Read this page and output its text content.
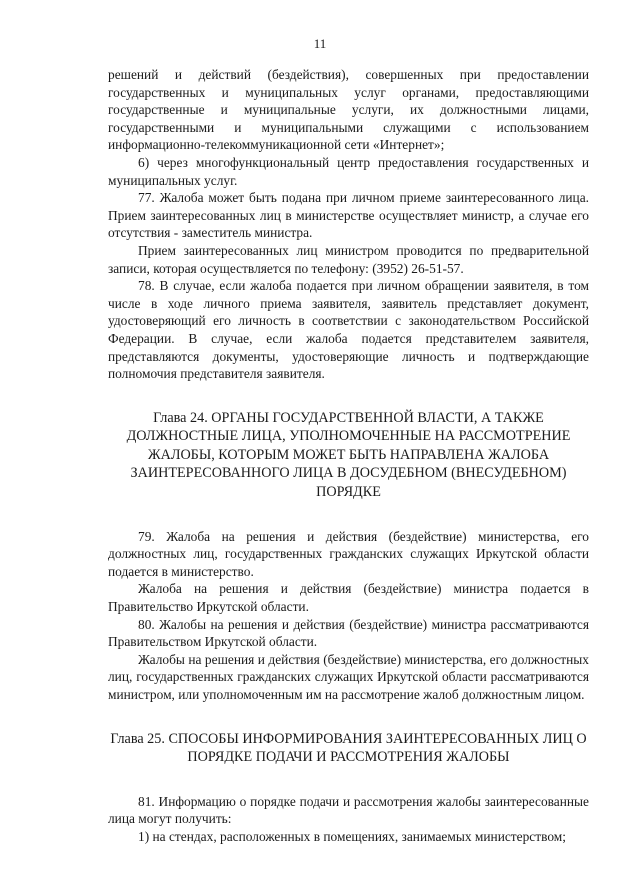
11

решений и действий (бездействия), совершенных при предоставлении государственных и муниципальных услуг органами, предоставляющими государственные и муниципальные услуги, их должностными лицами, государственными и муниципальными служащими с использованием информационно-телекоммуникационной сети «Интернет»;

6) через многофункциональный центр предоставления государственных и муниципальных услуг.

77. Жалоба может быть подана при личном приеме заинтересованного лица. Прием заинтересованных лиц в министерстве осуществляет министр, а случае его отсутствия - заместитель министра.

Прием заинтересованных лиц министром проводится по предварительной записи, которая осуществляется по телефону: (3952) 26-51-57.

78. В случае, если жалоба подается при личном обращении заявителя, в том числе в ходе личного приема заявителя, заявитель представляет документ, удостоверяющий его личность в соответствии с законодательством Российской Федерации. В случае, если жалоба подается представителем заявителя, представляются документы, удостоверяющие личность и подтверждающие полномочия представителя заявителя.

Глава 24. ОРГАНЫ ГОСУДАРСТВЕННОЙ ВЛАСТИ, А ТАКЖЕ ДОЛЖНОСТНЫЕ ЛИЦА, УПОЛНОМОЧЕННЫЕ НА РАССМОТРЕНИЕ ЖАЛОБЫ, КОТОРЫМ МОЖЕТ БЫТЬ НАПРАВЛЕНА ЖАЛОБА ЗАИНТЕРЕСОВАННОГО ЛИЦА В ДОСУДЕБНОМ (ВНЕСУДЕБНОМ) ПОРЯДКЕ

79. Жалоба на решения и действия (бездействие) министерства, его должностных лиц, государственных гражданских служащих Иркутской области подается в министерство.

Жалоба на решения и действия (бездействие) министра подается в Правительство Иркутской области.

80. Жалобы на решения и действия (бездействие) министра рассматриваются Правительством Иркутской области.

Жалобы на решения и действия (бездействие) министерства, его должностных лиц, государственных гражданских служащих Иркутской области рассматриваются министром, или уполномоченным им на рассмотрение жалоб должностным лицом.

Глава 25. СПОСОБЫ ИНФОРМИРОВАНИЯ ЗАИНТЕРЕСОВАННЫХ ЛИЦ О ПОРЯДКЕ ПОДАЧИ И РАССМОТРЕНИЯ ЖАЛОБЫ

81. Информацию о порядке подачи и рассмотрения жалобы заинтересованные лица могут получить:

1) на стендах, расположенных в помещениях, занимаемых министерством;
